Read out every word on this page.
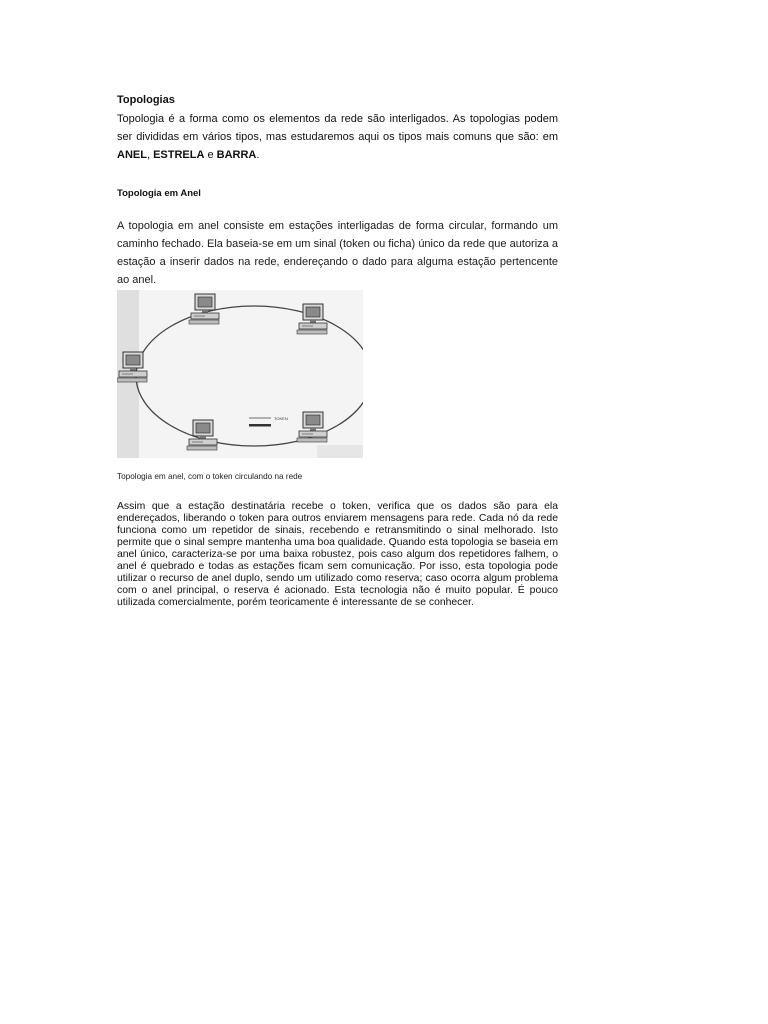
Topologias
Topologia é a forma como os elementos da rede são interligados. As topologias podem ser divididas em vários tipos, mas estudaremos aqui os tipos mais comuns que são: em ANEL, ESTRELA e BARRA.
Topologia em Anel
A topologia em anel consiste em estações interligadas de forma circular, formando um caminho fechado. Ela baseia-se em um sinal (token ou ficha) único da rede que autoriza a estação a inserir dados na rede, endereçando o dado para alguma estação pertencente ao anel.
TOKEN
Topologia em anel, com o token circulando na rede
Assim que a estação destinatária recebe o token, verifica que os dados são para ela endereçados, liberando o token para outros enviarem mensagens para rede. Cada nó da rede funciona como um repetidor de sinais, recebendo e retransmitindo o sinal melhorado. Isto permite que o sinal sempre mantenha uma boa qualidade. Quando esta topologia se baseia em anel único, caracteriza-se por uma baixa robustez, pois caso algum dos repetidores falhem, o anel é quebrado e todas as estações ficam sem comunicação. Por isso, esta topologia pode utilizar o recurso de anel duplo, sendo um utilizado como reserva; caso ocorra algum problema com o anel principal, o reserva é acionado. Esta tecnologia não é muito popular. É pouco utilizada comercialmente, porém teoricamente é interessante de se conhecer.
